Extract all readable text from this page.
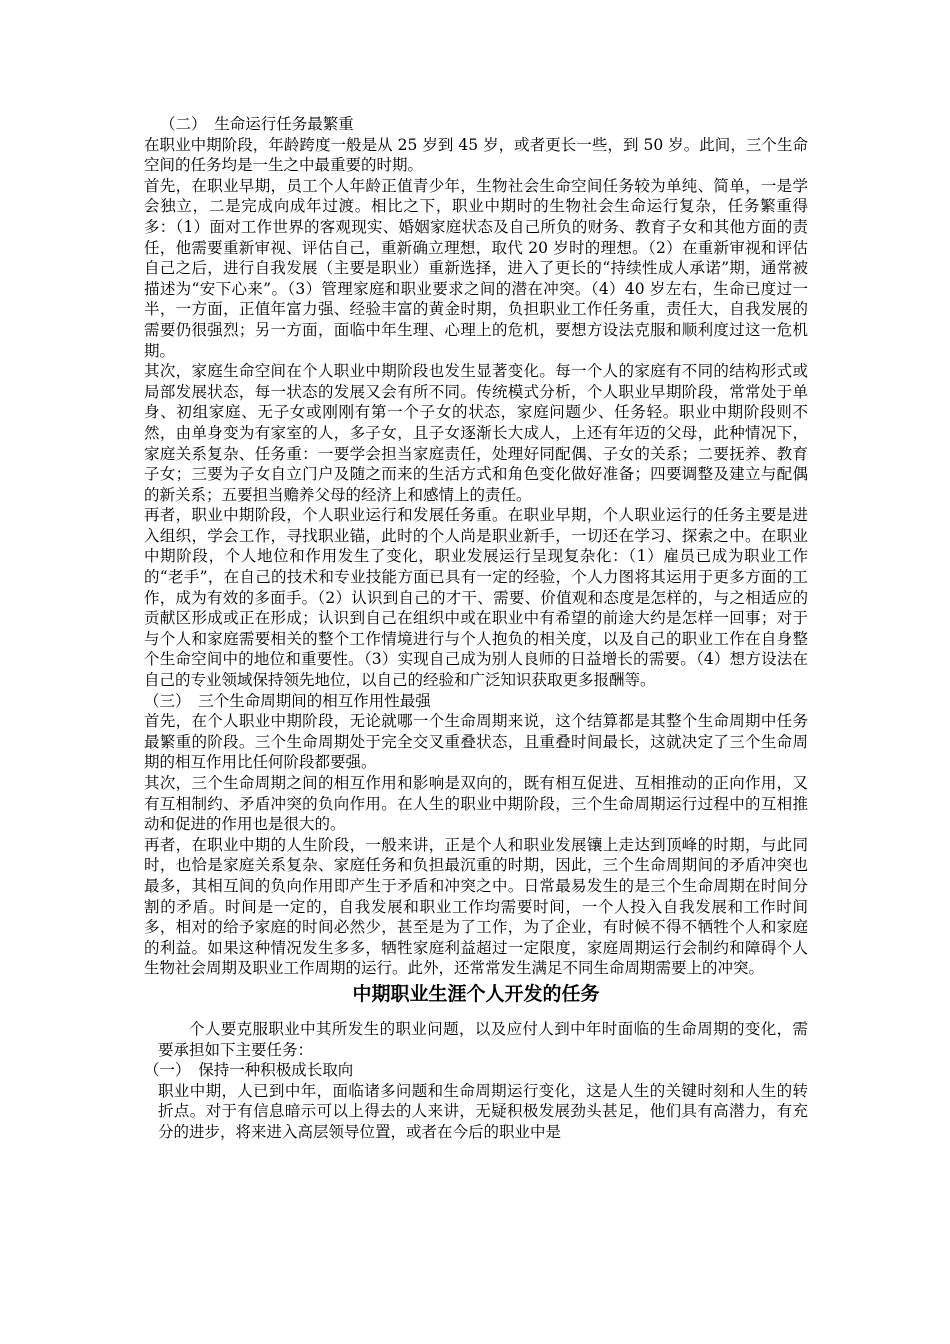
（二）　生命运行任务最繁重

在职业中期阶段，年龄跨度一般是从 25 岁到 45 岁，或者更长一些，到 50 岁。此间，三个生命空间的任务均是一生之中最重要的时期。

首先，在职业早期，员工个人年龄正值青少年，生物社会生命空间任务较为单纯、简单，一是学会独立，二是完成向成年过渡。相比之下，职业中期时的生物社会生命运行复杂，任务繁重得多：（1）面对工作世界的客观现实、婚姻家庭状态及自己所负的财务、教育子女和其他方面的责任，他需要重新审视、评估自己，重新确立理想，取代 20 岁时的理想。（2）在重新审视和评估自己之后，进行自我发展（主要是职业）重新选择，进入了更长的“持续性成人承诺”期，通常被描述为“安下心来”。（3）管理家庭和职业要求之间的潜在冲突。（4）40 岁左右，生命已度过一半，一方面，正值年富力强、经验丰富的黄金时期，负担职业工作任务重，责任大，自我发展的需要仍很强烈；另一方面，面临中年生理、心理上的危机，要想方设法克服和顺利度过这一危机期。

其次，家庭生命空间在个人职业中期阶段也发生显著变化。每一个人的家庭有不同的结构形式或局部发展状态，每一状态的发展又会有所不同。传统模式分析，个人职业早期阶段，常常处于单身、初组家庭、无子女或刚刚有第一个子女的状态，家庭问题少、任务轻。职业中期阶段则不然，由单身变为有家室的人，多子女，且子女逐渐长大成人，上还有年迈的父母，此种情况下，家庭关系复杂、任务重：一要学会担当家庭责任，处理好同配偶、子女的关系；二要抚养、教育子女；三要为子女自立门户及随之而来的生活方式和角色变化做好准备；四要调整及建立与配偶的新关系；五要担当赡养父母的经济上和感情上的责任。

再者，职业中期阶段，个人职业运行和发展任务重。在职业早期，个人职业运行的任务主要是进入组织，学会工作，寻找职业锚，此时的个人尚是职业新手，一切还在学习、探索之中。在职业中期阶段，个人地位和作用发生了变化，职业发展运行呈现复杂化：（1）雇员已成为职业工作的“老手”，在自己的技术和专业技能方面已具有一定的经验，个人力图将其运用于更多方面的工作，成为有效的多面手。（2）认识到自己的才干、需要、价值观和态度是怎样的，与之相适应的贡献区形成或正在形成；认识到自己在组织中或在职业中有希望的前途大约是怎样一回事；对于与个人和家庭需要相关的整个工作情境进行与个人抱负的相关度，以及自己的职业工作在自身整个生命空间中的地位和重要性。（3）实现自己成为别人良师的日益增长的需要。（4）想方设法在自己的专业领域保持领先地位，以自己的经验和广泛知识获取更多报酬等。

（三）　三个生命周期间的相互作用性最强

首先，在个人职业中期阶段，无论就哪一个生命周期来说，这个结算都是其整个生命周期中任务最繁重的阶段。三个生命周期处于完全交叉重叠状态，且重叠时间最长，这就决定了三个生命周期的相互作用比任何阶段都要强。

其次，三个生命周期之间的相互作用和影响是双向的，既有相互促进、互相推动的正向作用，又有互相制约、矛盾冲突的负向作用。在人生的职业中期阶段，三个生命周期运行过程中的互相推动和促进的作用也是很大的。

再者，在职业中期的人生阶段，一般来讲，正是个人和职业发展镶上走达到顶峰的时期，与此同时，也恰是家庭关系复杂、家庭任务和负担最沉重的时期，因此，三个生命周期间的矛盾冲突也最多，其相互间的负向作用即产生于矛盾和冲突之中。日常最易发生的是三个生命周期在时间分割的矛盾。时间是一定的，自我发展和职业工作均需要时间，一个人投入自我发展和工作时间多，相对的给予家庭的时间必然少，甚至是为了工作，为了企业，有时候不得不牺牲个人和家庭的利益。如果这种情况发生多多，牺牲家庭利益超过一定限度，家庭周期运行会制约和障碍个人生物社会周期及职业工作周期的运行。此外，还常常发生满足不同生命周期需要上的冲突。

中期职业生涯个人开发的任务

个人要克服职业中其所发生的职业问题，以及应付人到中年时面临的生命周期的变化，需要承担如下主要任务：

（一）　保持一种积极成长取向

职业中期，人已到中年，面临诸多问题和生命周期运行变化，这是人生的关键时刻和人生的转折点。对于有信息暗示可以上得去的人来讲，无疑积极发展劲头甚足，他们具有高潜力，有充分的进步，将来进入高层领导位置，或者在今后的职业中是
